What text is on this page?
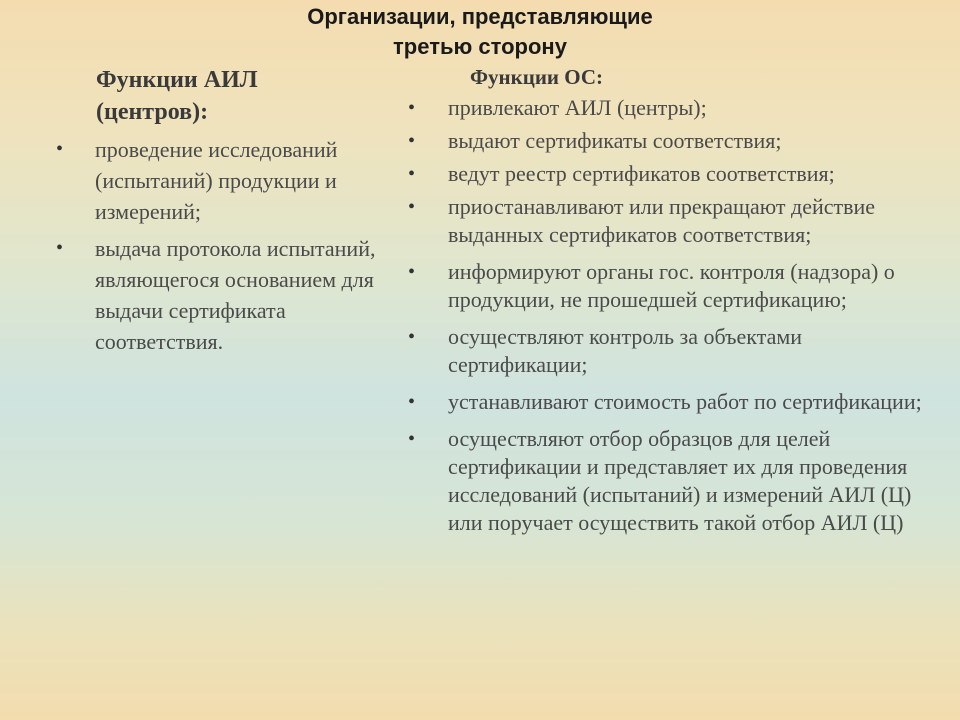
Организации, представляющие
третью сторону
Функции АИЛ
(центров):
• проведение исследований (испытаний) продукции и измерений;
• выдача протокола испытаний, являющегося основанием для выдачи сертификата соответствия.
Функции ОС:
• привлекают АИЛ (центры);
• выдают сертификаты соответствия;
• ведут реестр сертификатов соответствия;
• приостанавливают или прекращают действие выданных сертификатов соответствия;
• информируют органы гос. контроля (надзора) о продукции, не прошедшей сертификацию;
• осуществляют контроль за объектами сертификации;
• устанавливают стоимость работ по сертификации;
• осуществляют отбор образцов для целей сертификации и представляет их для проведения исследований (испытаний) и измерений АИЛ (Ц) или поручает осуществить такой отбор АИЛ (Ц)
